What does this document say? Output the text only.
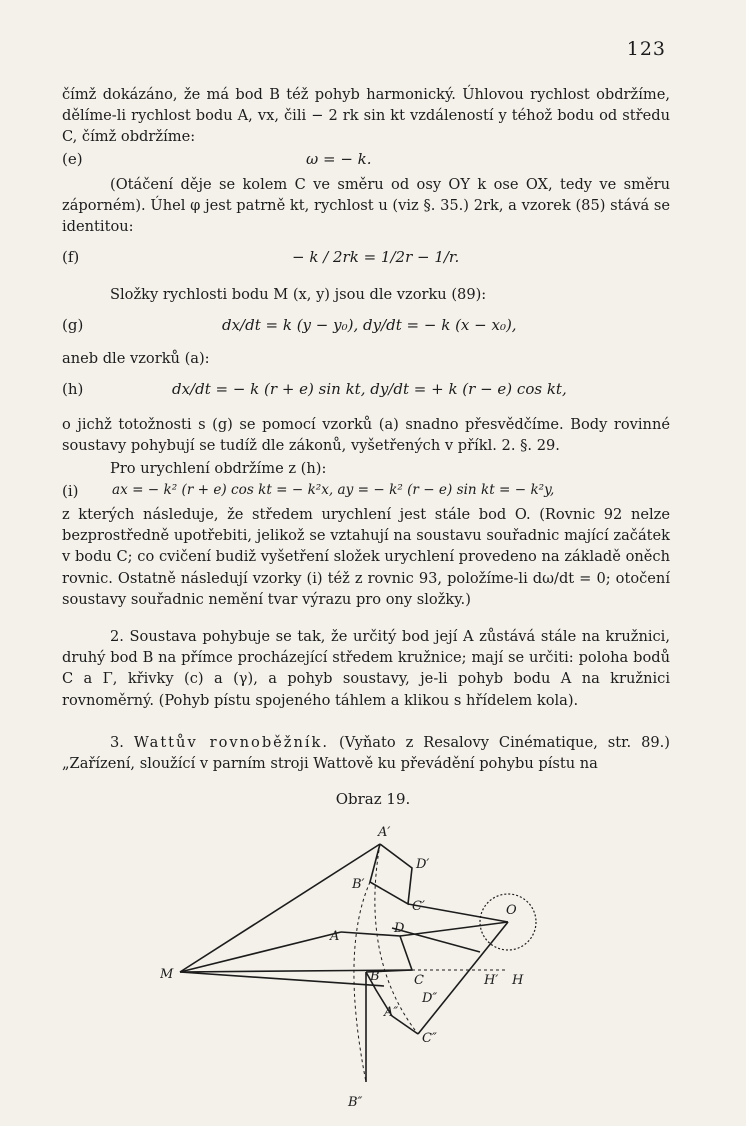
123
čímž dokázáno, že má bod B též pohyb harmonický. Úhlovou rychlost obdržíme, dělíme-li rychlost bodu A, vx, čili − 2 rk sin kt vzdáleností y téhož bodu od středu C, čímž obdržíme:
(e)	ω = − k.
(Otáčení děje se kolem C ve směru od osy OY k ose OX, tedy ve směru záporném). Úhel φ jest patrně kt, rychlost u (viz §. 35.) 2rk, a vzorek (85) stává se identitou:
(f)	− k / 2rk = 1/2r − 1/r.
Složky rychlosti bodu M (x, y) jsou dle vzorku (89):
(g)	dx/dt = k (y − y₀), dy/dt = − k (x − x₀),
aneb dle vzorků (a):
(h)	dx/dt = − k (r + e) sin kt, dy/dt = + k (r − e) cos kt,
o jichž totožnosti s (g) se pomocí vzorků (a) snadno přesvědčíme. Body rovinné soustavy pohybují se tudíž dle zákonů, vyšetřených v příkl. 2. §. 29.
Pro urychlení obdržíme z (h):
(i) ax = − k² (r + e) cos kt = − k²x, ay = − k² (r − e) sin kt = − k²y,
z kterých následuje, že středem urychlení jest stále bod O. (Rovnic 92 nelze bezprostředně upotřebiti, jelikož se vztahují na soustavu souřadnic mající začátek v bodu C; co cvičení budiž vyšetření složek urychlení provedeno na základě oněch rovnic. Ostatně následují vzorky (i) též z rovnic 93, položíme-li dω/dt = 0; otočení soustavy souřadnic nemění tvar výrazu pro ony složky.)
2. Soustava pohybuje se tak, že určitý bod její A zůstává stále na kružnici, druhý bod B na přímce procházející středem kružnice; mají se určiti: poloha bodů C a Γ, křivky (c) a (γ), a pohyb soustavy, je-li pohyb bodu A na kružnici rovnoměrný. (Pohyb pístu spojeného táhlem a klikou s hřídelem kola).
3. Wattův rovnoběžník. (Vyňato z Resalovy Cinématique, str. 89.) „Zařízení, sloužící v parním stroji Wattově ku převádění pohybu pístu na
Obraz 19.
A′
D′
B′
C′
A
D
O
M	B	C	H′ H
A″
D″
C″
B″
